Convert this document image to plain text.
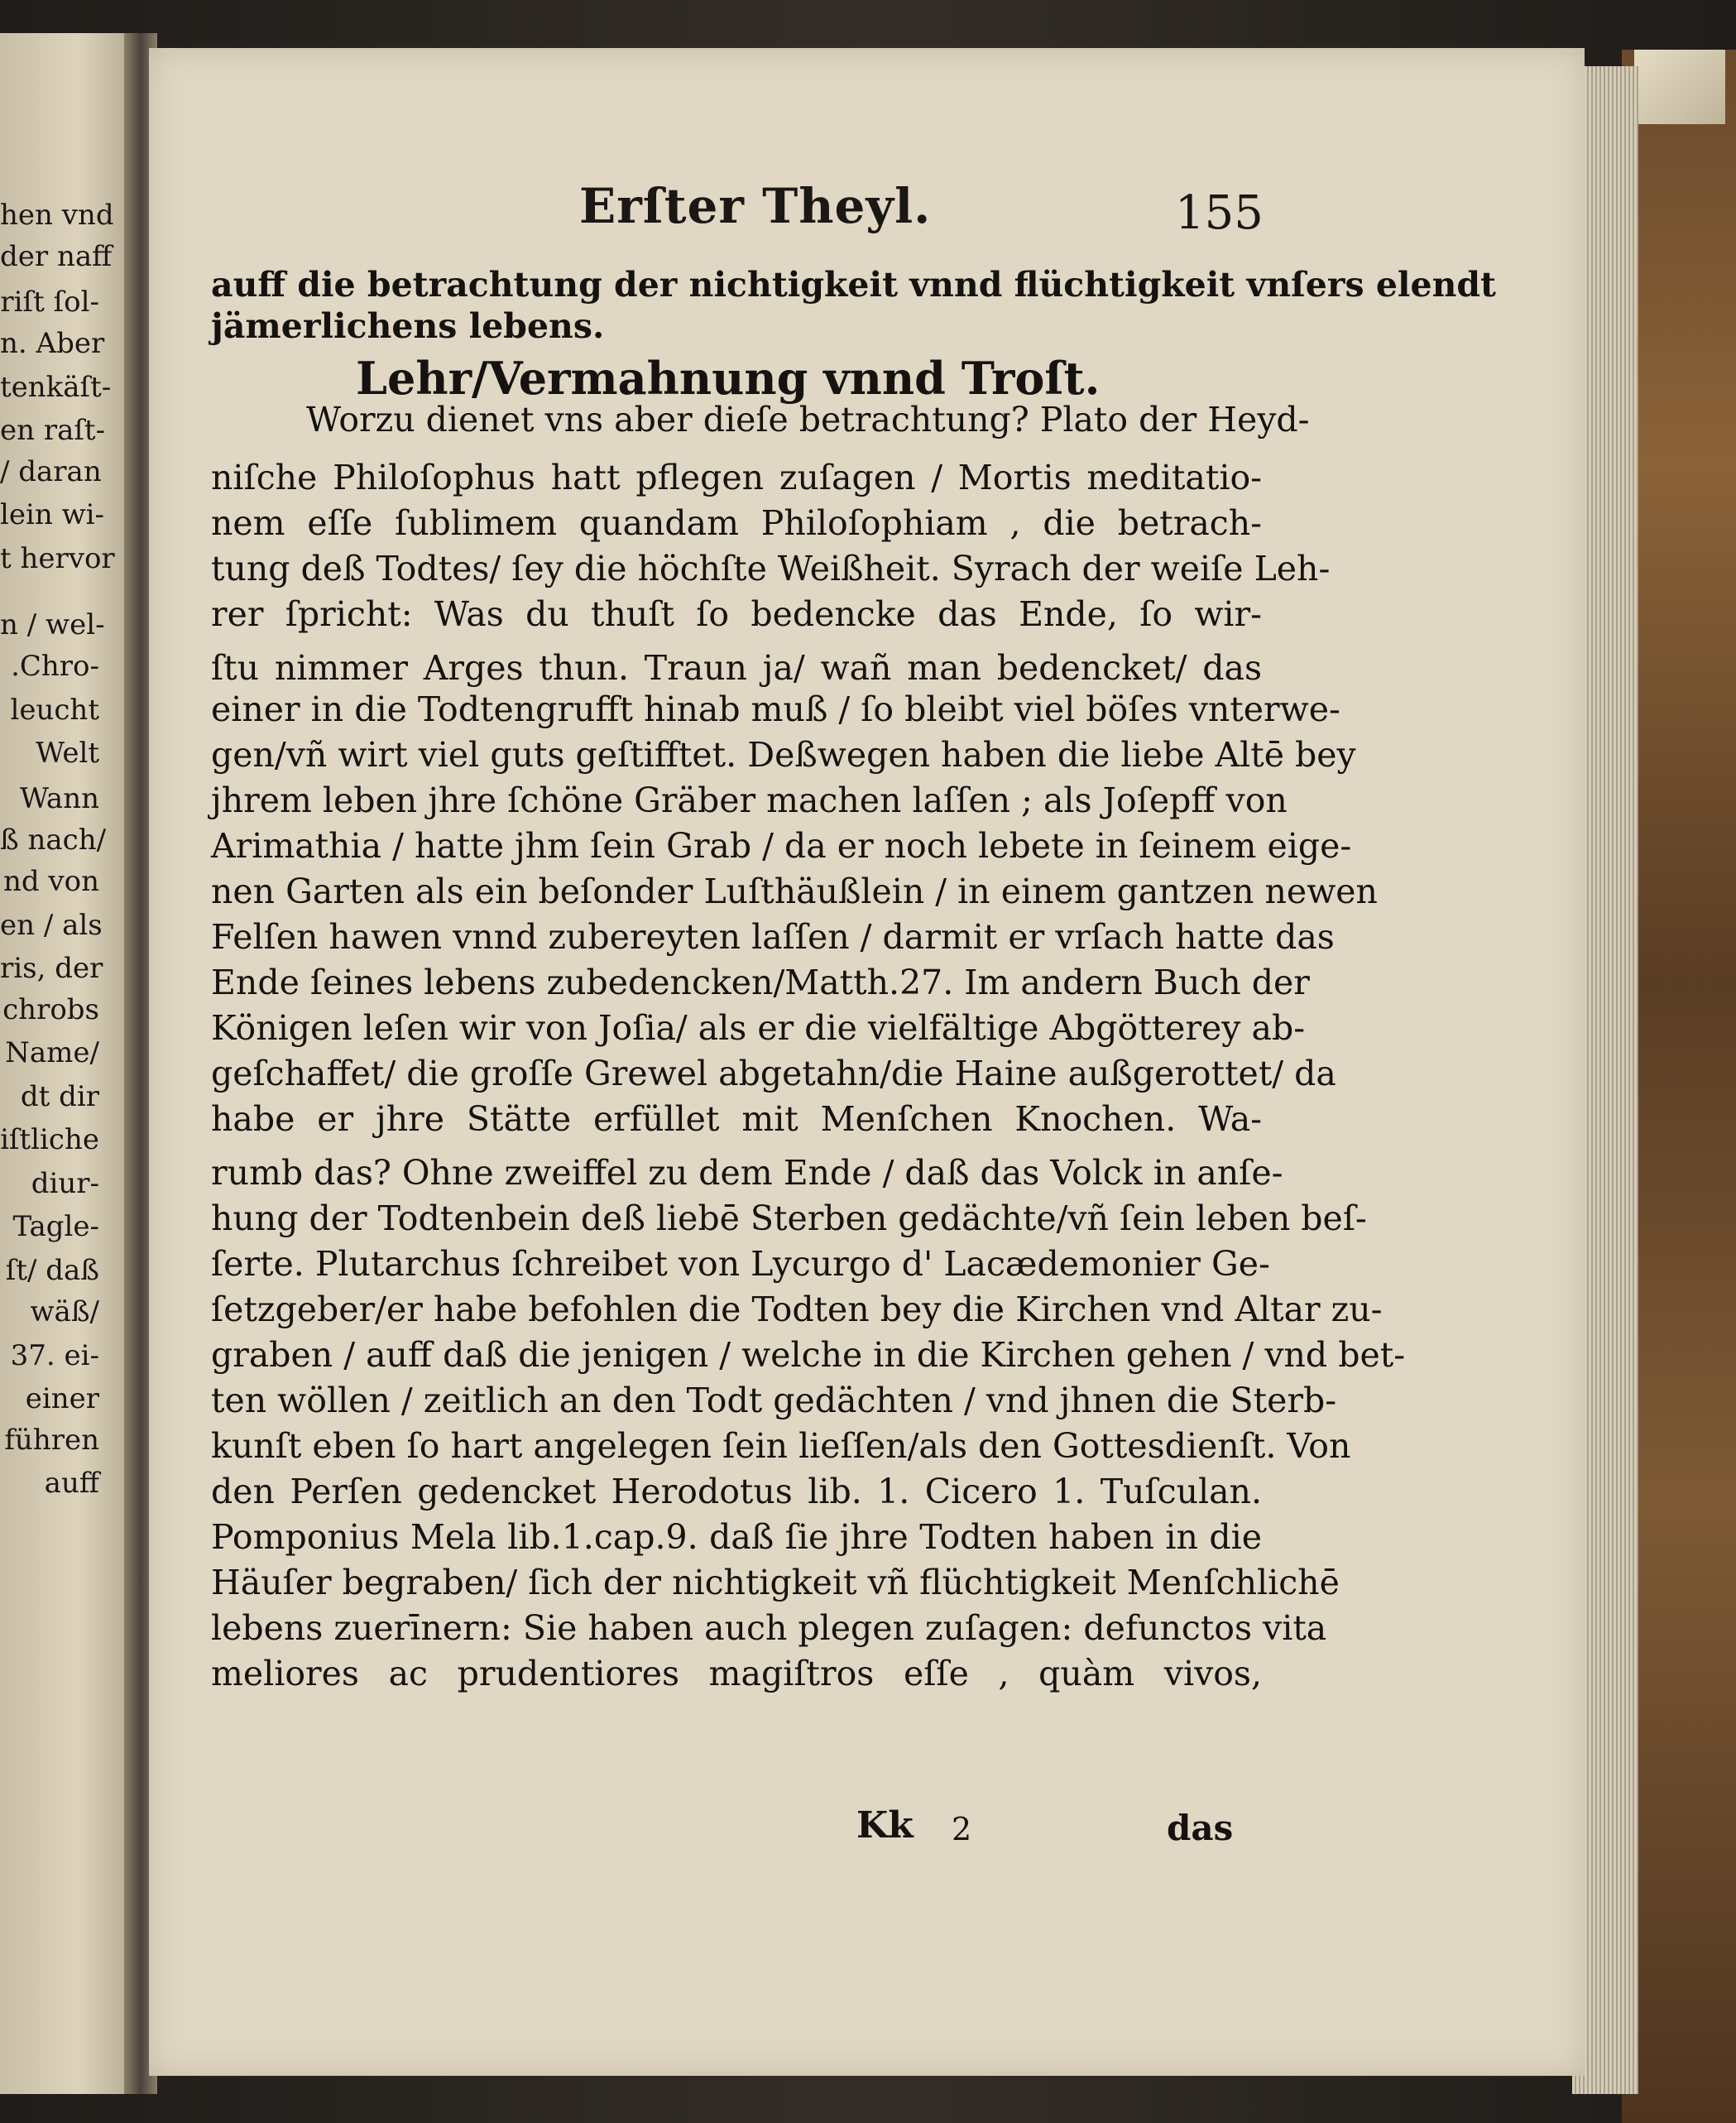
hen vnd
der naff
riſt ſol-
n. Aber
tenkäſt-
en raſt-
/ daran
lein wi-
t hervor
n / wel-
.Chro-
leucht
Welt
Wann
ß nach/
nd von
en / als
ris, der
chrobs
Name/
dt dir
iſtliche
diur-
Tagle-
ſt/ daß
wäß/
37. ei-
einer
führen
auff
Erſter Theyl.	155
auff die betrachtung der nichtigkeit vnnd flüchtigkeit vnſers elendt
jämerlichens lebens.
Worzu dienet vns aber dieſe betrachtung? Plato der Heyd-
niſche Philoſophus hatt pflegen zuſagen / Mortis meditatio-
nem eſſe ſublimem quandam Philoſophiam , die betrach-
tung deß Todtes/ ſey die höchſte Weißheit. Syrach der weiſe Leh-
rer ſpricht: Was du thuſt ſo bedencke das Ende, ſo wir-
ſtu nimmer Arges thun. Traun ja/ wañ man bedencket/ das
einer in die Todtengrufft hinab muß / ſo bleibt viel böſes vnterwe-
gen/vñ wirt viel guts geſtifftet. Deßwegen haben die liebe Altē bey
jhrem leben jhre ſchöne Gräber machen laſſen ; als Joſepff von
Arimathia / hatte jhm ſein Grab / da er noch lebete in ſeinem eige-
nen Garten als ein beſonder Luſthäußlein / in einem gantzen newen
Felſen hawen vnnd zubereyten laſſen / darmit er vrſach hatte das
Ende ſeines lebens zubedencken/Matth.27. Im andern Buch der
Königen leſen wir von Joſia/ als er die vielfältige Abgötterey ab-
geſchaffet/ die groſſe Grewel abgetahn/die Haine außgerottet/ da
habe er jhre Stätte erfüllet mit Menſchen Knochen. Wa-
rumb das? Ohne zweiffel zu dem Ende / daß das Volck in anſe-
hung der Todtenbein deß liebē Sterben gedächte/vñ ſein leben beſ-
ſerte. Plutarchus ſchreibet von Lycurgo d' Lacædemonier Ge-
ſetzgeber/er habe befohlen die Todten bey die Kirchen vnd Altar zu-
graben / auff daß die jenigen / welche in die Kirchen gehen / vnd bet-
ten wöllen / zeitlich an den Todt gedächten / vnd jhnen die Sterb-
kunſt eben ſo hart angelegen ſein lieſſen/als den Gottesdienſt. Von
den Perſen gedencket Herodotus lib. 1. Cicero 1. Tuſculan.
Pomponius Mela lib.1.cap.9. daß ſie jhre Todten haben in die
Häuſer begraben/ ſich der nichtigkeit vñ flüchtigkeit Menſchlichē
lebens zuerīnern: Sie haben auch plegen zuſagen: defunctos vita
meliores ac prudentiores magiſtros eſſe , quàm vivos,
Kk 2	das
Lehr/Vermahnung vnnd Troſt.
